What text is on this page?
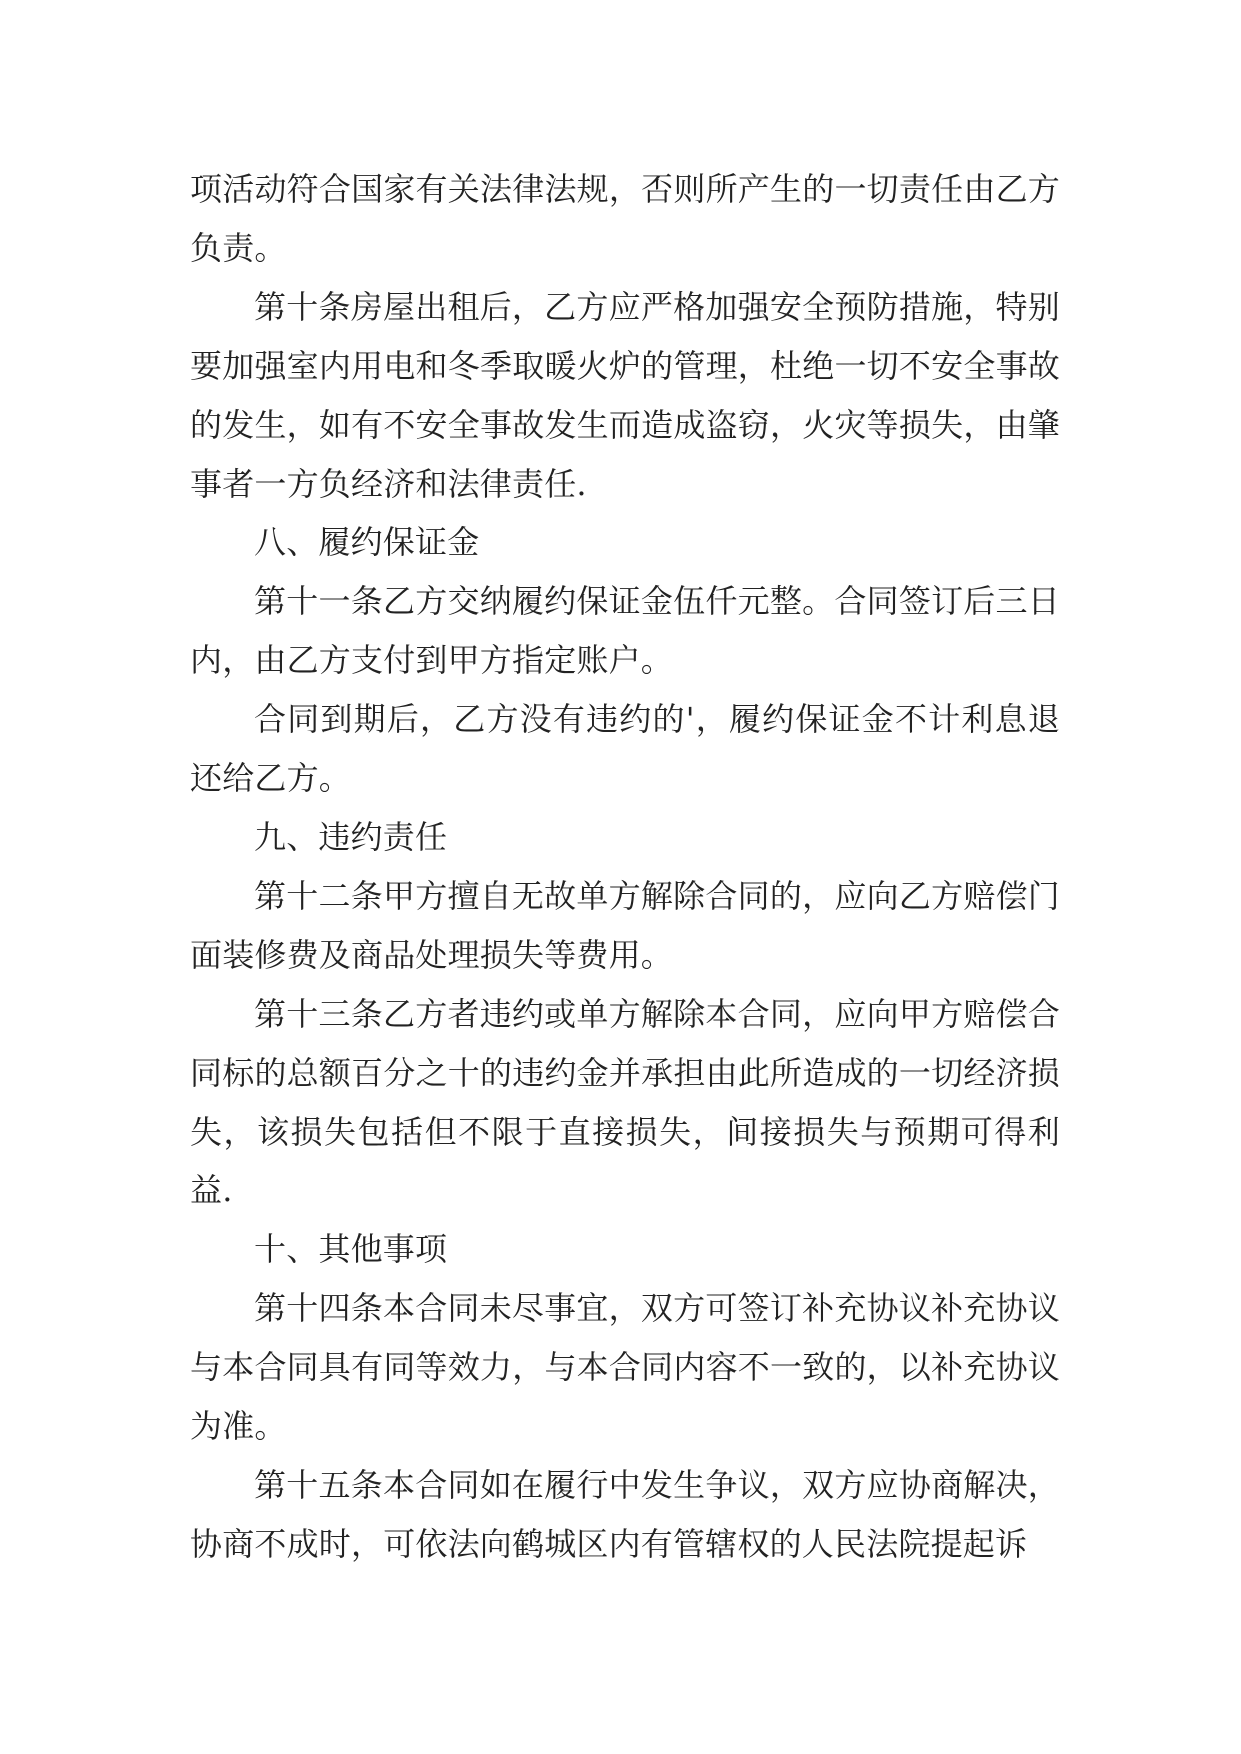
项活动符合国家有关法律法规，否则所产生的一切责任由乙方负责。

第十条房屋出租后，乙方应严格加强安全预防措施，特别要加强室内用电和冬季取暖火炉的管理，杜绝一切不安全事故的发生，如有不安全事故发生而造成盗窃，火灾等损失，由肇事者一方负经济和法律责任.

八、履约保证金

第十一条乙方交纳履约保证金伍仟元整。合同签订后三日内，由乙方支付到甲方指定账户。

合同到期后，乙方没有违约的'，履约保证金不计利息退还给乙方。

九、违约责任

第十二条甲方擅自无故单方解除合同的，应向乙方赔偿门面装修费及商品处理损失等费用。

第十三条乙方者违约或单方解除本合同，应向甲方赔偿合同标的总额百分之十的违约金并承担由此所造成的一切经济损失，该损失包括但不限于直接损失，间接损失与预期可得利益.

十、其他事项

第十四条本合同未尽事宜，双方可签订补充协议补充协议与本合同具有同等效力，与本合同内容不一致的，以补充协议为准。

第十五条本合同如在履行中发生争议，双方应协商解决，协商不成时，可依法向鹤城区内有管辖权的人民法院提起诉
